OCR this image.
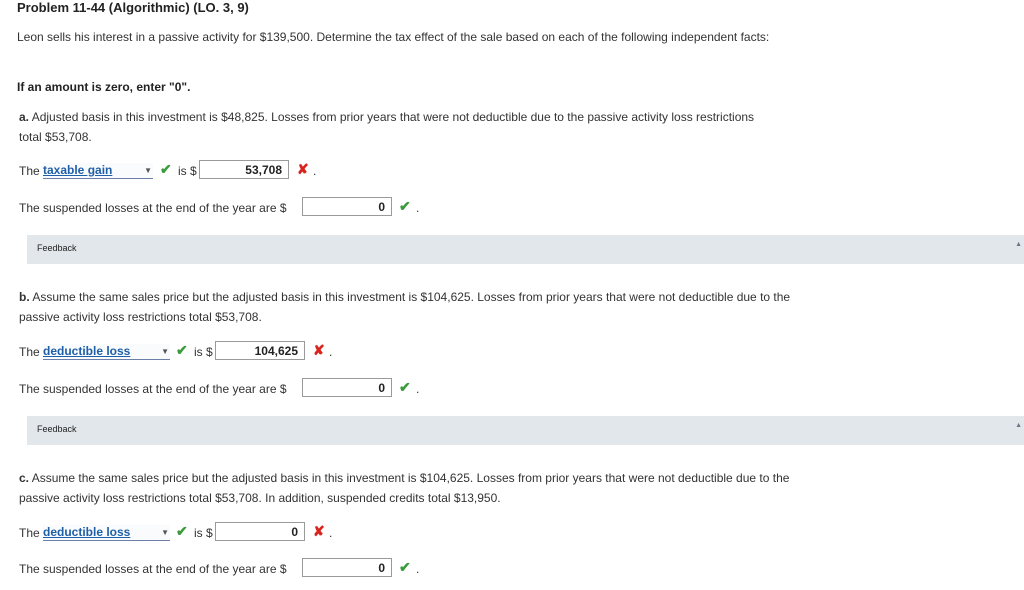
Problem 11-44 (Algorithmic) (LO. 3, 9)
Leon sells his interest in a passive activity for $139,500. Determine the tax effect of the sale based on each of the following independent facts:
If an amount is zero, enter "0".
a. Adjusted basis in this investment is $48,825. Losses from prior years that were not deductible due to the passive activity loss restrictions total $53,708.
The taxable gain	▼ ✔ is $	53,708	✘ .
The suspended losses at the end of the year are $	0	✔ .
Feedback	▲
b. Assume the same sales price but the adjusted basis in this investment is $104,625. Losses from prior years that were not deductible due to the passive activity loss restrictions total $53,708.
The deductible loss	▼ ✔ is $	104,625	✘ .
The suspended losses at the end of the year are $	0	✔ .
Feedback	▲
c. Assume the same sales price but the adjusted basis in this investment is $104,625. Losses from prior years that were not deductible due to the passive activity loss restrictions total $53,708. In addition, suspended credits total $13,950.
The deductible loss	▼ ✔ is $	0	✘ .
The suspended losses at the end of the year are $	0	✔ .
